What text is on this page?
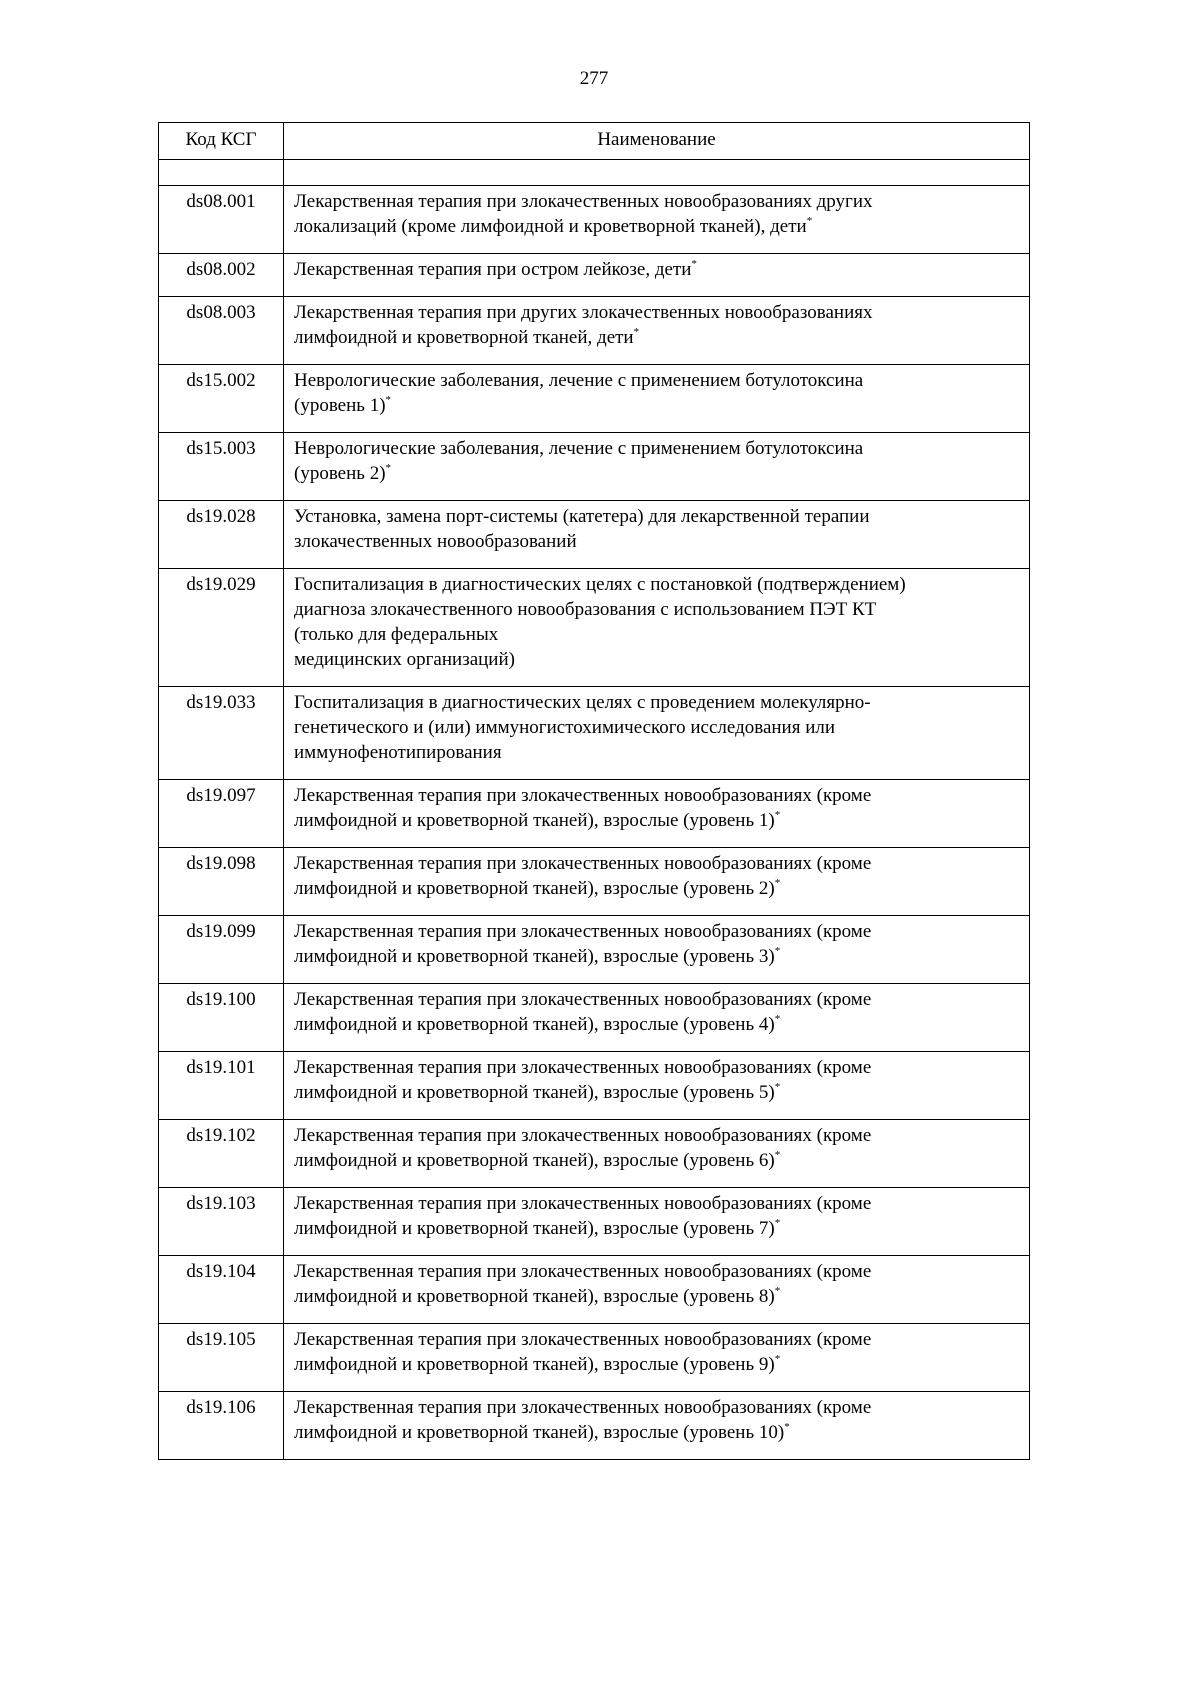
277
Код КСГ	Наименование

ds08.001	Лекарственная терапия при злокачественных новообразованиях других
локализаций (кроме лимфоидной и кроветворной тканей), дети*
ds08.002	Лекарственная терапия при остром лейкозе, дети*
ds08.003	Лекарственная терапия при других злокачественных новообразованиях
лимфоидной и кроветворной тканей, дети*
ds15.002	Неврологические заболевания, лечение с применением ботулотоксина
(уровень 1)*
ds15.003	Неврологические заболевания, лечение с применением ботулотоксина
(уровень 2)*
ds19.028	Установка, замена порт-системы (катетера) для лекарственной терапии
злокачественных новообразований
ds19.029	Госпитализация в диагностических целях с постановкой (подтверждением)
диагноза злокачественного новообразования с использованием ПЭТ КТ
(только для федеральных
медицинских организаций)
ds19.033	Госпитализация в диагностических целях с проведением молекулярно-
генетического и (или) иммуногистохимического исследования или
иммунофенотипирования
ds19.097	Лекарственная терапия при злокачественных новообразованиях (кроме
лимфоидной и кроветворной тканей), взрослые (уровень 1)*
ds19.098	Лекарственная терапия при злокачественных новообразованиях (кроме
лимфоидной и кроветворной тканей), взрослые (уровень 2)*
ds19.099	Лекарственная терапия при злокачественных новообразованиях (кроме
лимфоидной и кроветворной тканей), взрослые (уровень 3)*
ds19.100	Лекарственная терапия при злокачественных новообразованиях (кроме
лимфоидной и кроветворной тканей), взрослые (уровень 4)*
ds19.101	Лекарственная терапия при злокачественных новообразованиях (кроме
лимфоидной и кроветворной тканей), взрослые (уровень 5)*
ds19.102	Лекарственная терапия при злокачественных новообразованиях (кроме
лимфоидной и кроветворной тканей), взрослые (уровень 6)*
ds19.103	Лекарственная терапия при злокачественных новообразованиях (кроме
лимфоидной и кроветворной тканей), взрослые (уровень 7)*
ds19.104	Лекарственная терапия при злокачественных новообразованиях (кроме
лимфоидной и кроветворной тканей), взрослые (уровень 8)*
ds19.105	Лекарственная терапия при злокачественных новообразованиях (кроме
лимфоидной и кроветворной тканей), взрослые (уровень 9)*
ds19.106	Лекарственная терапия при злокачественных новообразованиях (кроме
лимфоидной и кроветворной тканей), взрослые (уровень 10)*
